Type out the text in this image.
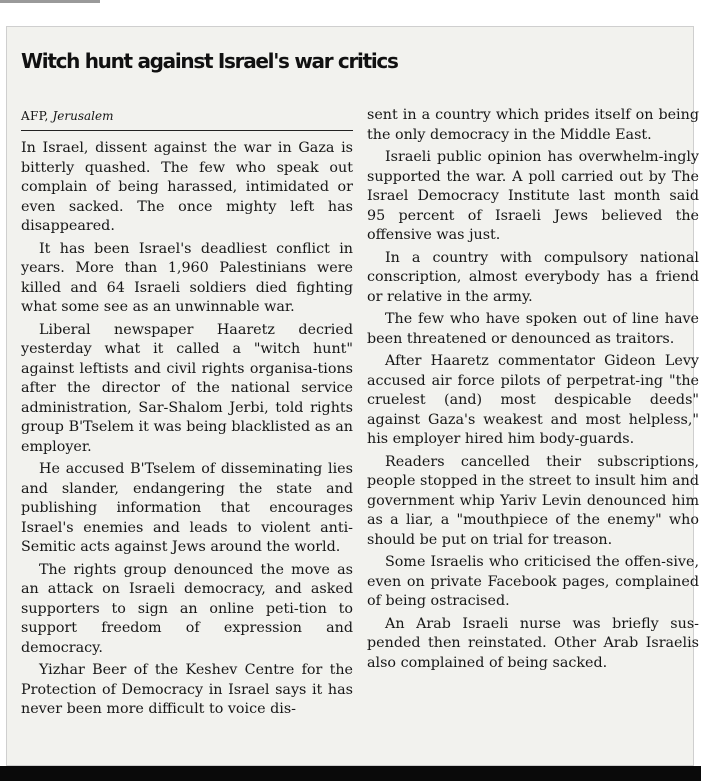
Witch hunt against Israel's war critics
AFP, Jerusalem

In Israel, dissent against the war in Gaza is bitterly quashed. The few who speak out complain of being harassed, intimidated or even sacked. The once mighty left has disappeared.

It has been Israel's deadliest conflict in years. More than 1,960 Palestinians were killed and 64 Israeli soldiers died fighting what some see as an unwinnable war.

Liberal newspaper Haaretz decried yesterday what it called a "witch hunt" against leftists and civil rights organisa-tions after the director of the national service administration, Sar-Shalom Jerbi, told rights group B'Tselem it was being blacklisted as an employer.

He accused B'Tselem of disseminating lies and slander, endangering the state and publishing information that encourages Israel's enemies and leads to violent anti-Semitic acts against Jews around the world.

The rights group denounced the move as an attack on Israeli democracy, and asked supporters to sign an online peti-tion to support freedom of expression and democracy.

Yizhar Beer of the Keshev Centre for the Protection of Democracy in Israel says it has never been more difficult to voice dis-

sent in a country which prides itself on being the only democracy in the Middle East.

Israeli public opinion has overwhelm-ingly supported the war. A poll carried out by The Israel Democracy Institute last month said 95 percent of Israeli Jews believed the offensive was just.

In a country with compulsory national conscription, almost everybody has a friend or relative in the army.

The few who have spoken out of line have been threatened or denounced as traitors.

After Haaretz commentator Gideon Levy accused air force pilots of perpetrat-ing "the cruelest (and) most despicable deeds" against Gaza's weakest and most helpless," his employer hired him body-guards.

Readers cancelled their subscriptions, people stopped in the street to insult him and government whip Yariv Levin denounced him as a liar, a "mouthpiece of the enemy" who should be put on trial for treason.

Some Israelis who criticised the offen-sive, even on private Facebook pages, complained of being ostracised.

An Arab Israeli nurse was briefly sus-pended then reinstated. Other Arab Israelis also complained of being sacked.
